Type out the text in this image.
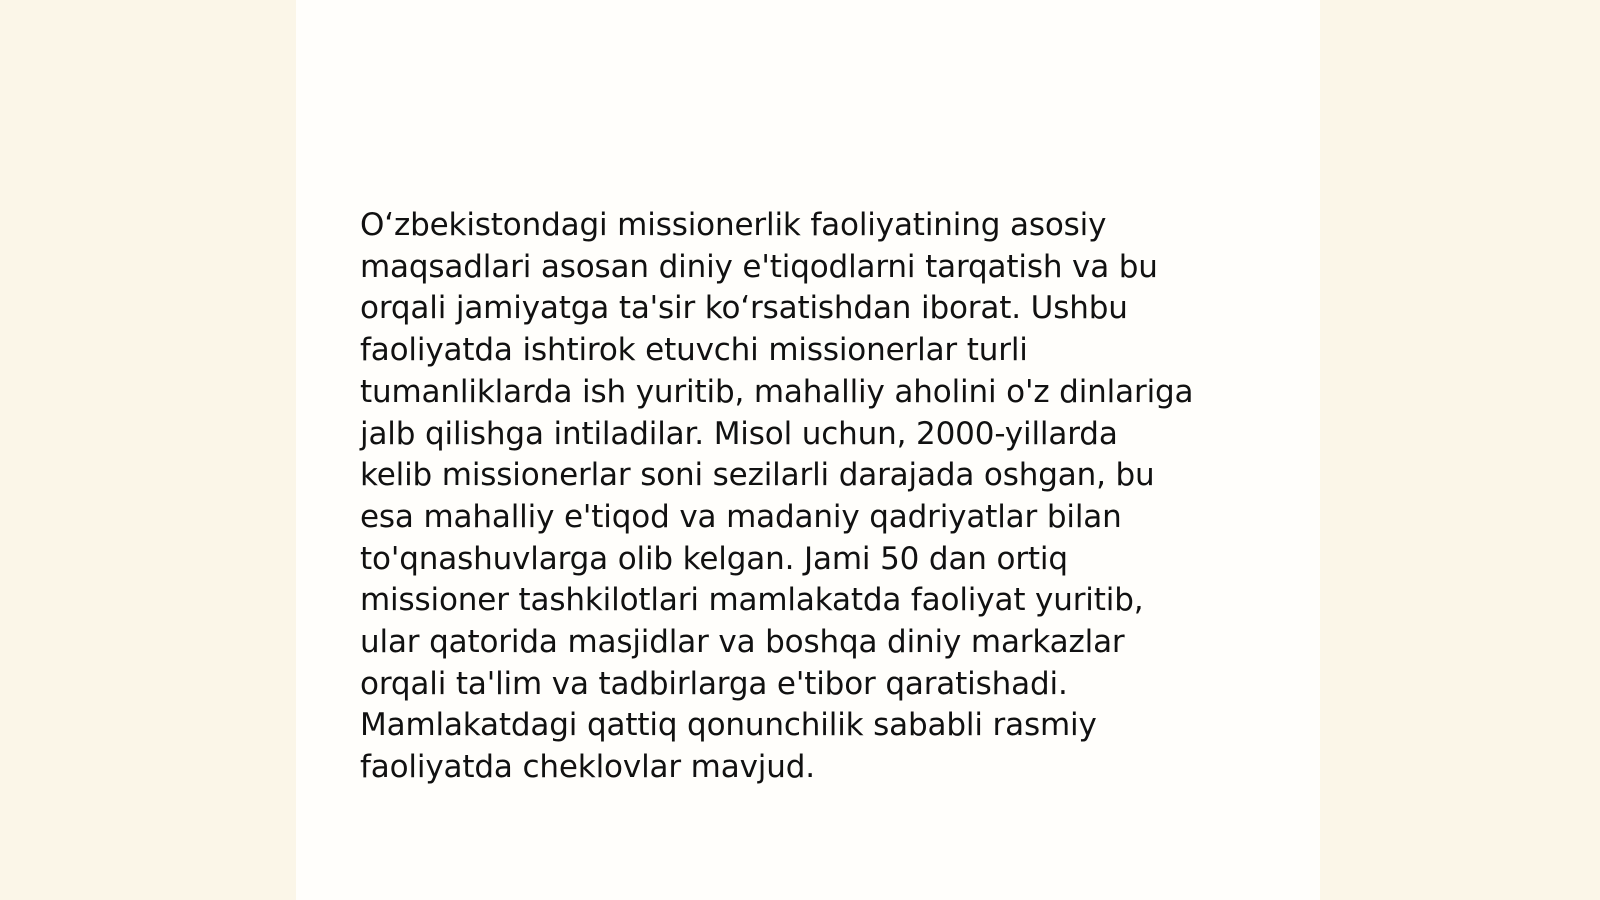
O‘zbekistondagi missionerlik faoliyatining asosiy
maqsadlari asosan diniy e'tiqodlarni tarqatish va bu
orqali jamiyatga ta'sir ko‘rsatishdan iborat. Ushbu
faoliyatda ishtirok etuvchi missionerlar turli
tumanliklarda ish yuritib, mahalliy aholini o'z dinlariga
jalb qilishga intiladilar. Misol uchun, 2000-yillarda
kelib missionerlar soni sezilarli darajada oshgan, bu
esa mahalliy e'tiqod va madaniy qadriyatlar bilan
to'qnashuvlarga olib kelgan. Jami 50 dan ortiq
missioner tashkilotlari mamlakatda faoliyat yuritib,
ular qatorida masjidlar va boshqa diniy markazlar
orqali ta'lim va tadbirlarga e'tibor qaratishadi.
Mamlakatdagi qattiq qonunchilik sababli rasmiy
faoliyatda cheklovlar mavjud.
